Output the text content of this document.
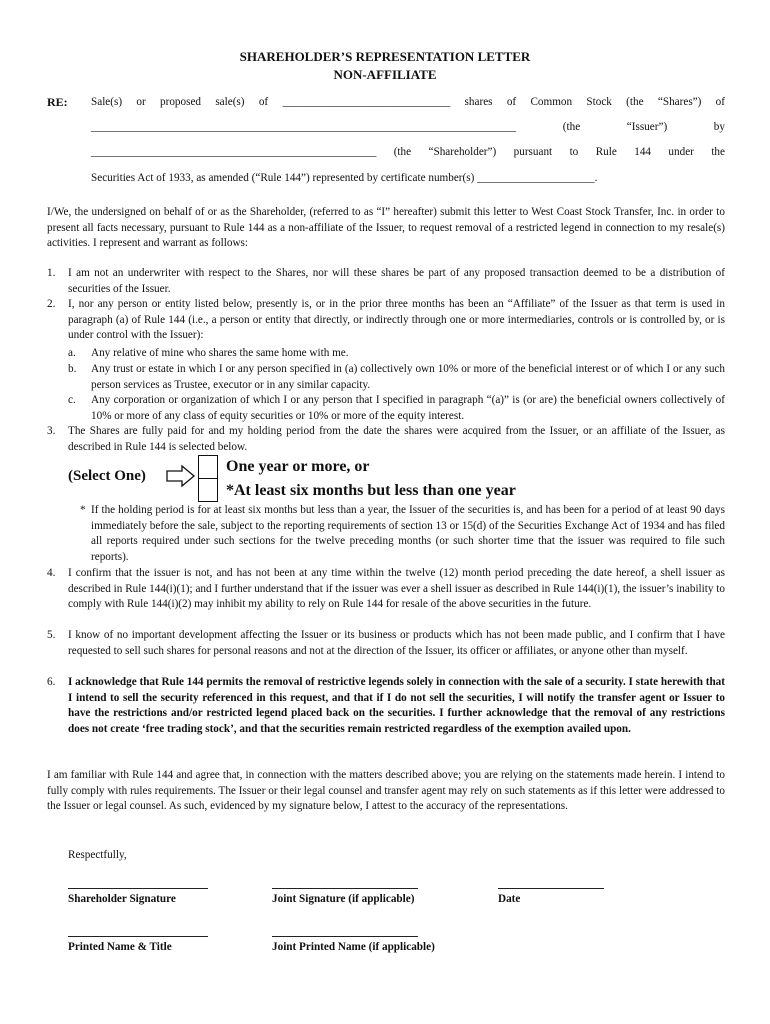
SHAREHOLDER’S REPRESENTATION LETTER
NON-AFFILIATE
RE: Sale(s) or proposed sale(s) of ______________________________ shares of Common Stock (the “Shares”) of
____________________________________________________________________________ (the “Issuer”) by
___________________________________________________ (the “Shareholder”) pursuant to Rule 144 under the
Securities Act of 1933, as amended (“Rule 144”) represented by certificate number(s) _____________________.
I/We, the undersigned on behalf of or as the Shareholder, (referred to as “I” hereafter) submit this letter to West Coast Stock Transfer, Inc. in order to present all facts necessary, pursuant to Rule 144 as a non-affiliate of the Issuer, to request removal of a restricted legend in connection to my resale(s) activities. I represent and warrant as follows:
1. I am not an underwriter with respect to the Shares, nor will these shares be part of any proposed transaction deemed to be a distribution of securities of the Issuer.
2. I, nor any person or entity listed below, presently is, or in the prior three months has been an “Affiliate” of the Issuer as that term is used in paragraph (a) of Rule 144 (i.e., a person or entity that directly, or indirectly through one or more intermediaries, controls or is controlled by, or is under control with the Issuer):
a. Any relative of mine who shares the same home with me.
b. Any trust or estate in which I or any person specified in (a) collectively own 10% or more of the beneficial interest or of which I or any such person services as Trustee, executor or in any similar capacity.
c. Any corporation or organization of which I or any person that I specified in paragraph “(a)” is (or are) the beneficial owners collectively of 10% or more of any class of equity securities or 10% or more of the equity interest.
3. The Shares are fully paid for and my holding period from the date the shares were acquired from the Issuer, or an affiliate of the Issuer, as described in Rule 144 is selected below.
(Select One)
One year or more, or
*At least six months but less than one year
* If the holding period is for at least six months but less than a year, the Issuer of the securities is, and has been for a period of at least 90 days immediately before the sale, subject to the reporting requirements of section 13 or 15(d) of the Securities Exchange Act of 1934 and has filed all reports required under such sections for the twelve preceding months (or such shorter time that the issuer was required to file such reports).
4. I confirm that the issuer is not, and has not been at any time within the twelve (12) month period preceding the date hereof, a shell issuer as described in Rule 144(i)(1); and I further understand that if the issuer was ever a shell issuer as described in Rule 144(i)(1), the issuer’s inability to comply with Rule 144(i)(2) may inhibit my ability to rely on Rule 144 for resale of the above securities in the future.
5. I know of no important development affecting the Issuer or its business or products which has not been made public, and I confirm that I have requested to sell such shares for personal reasons and not at the direction of the Issuer, its officer or affiliates, or anyone other than myself.
6. I acknowledge that Rule 144 permits the removal of restrictive legends solely in connection with the sale of a security. I state herewith that I intend to sell the security referenced in this request, and that if I do not sell the securities, I will notify the transfer agent or Issuer to have the restrictions and/or restricted legend placed back on the securities. I further acknowledge that the removal of any restrictions does not create ‘free trading stock’, and that the securities remain restricted regardless of the exemption availed upon.
I am familiar with Rule 144 and agree that, in connection with the matters described above; you are relying on the statements made herein. I intend to fully comply with rules requirements. The Issuer or their legal counsel and transfer agent may rely on such statements as if this letter were addressed to the Issuer or legal counsel. As such, evidenced by my signature below, I attest to the accuracy of the representations.
Respectfully,
Shareholder Signature	Joint Signature (if applicable)	Date
Printed Name & Title	Joint Printed Name (if applicable)
